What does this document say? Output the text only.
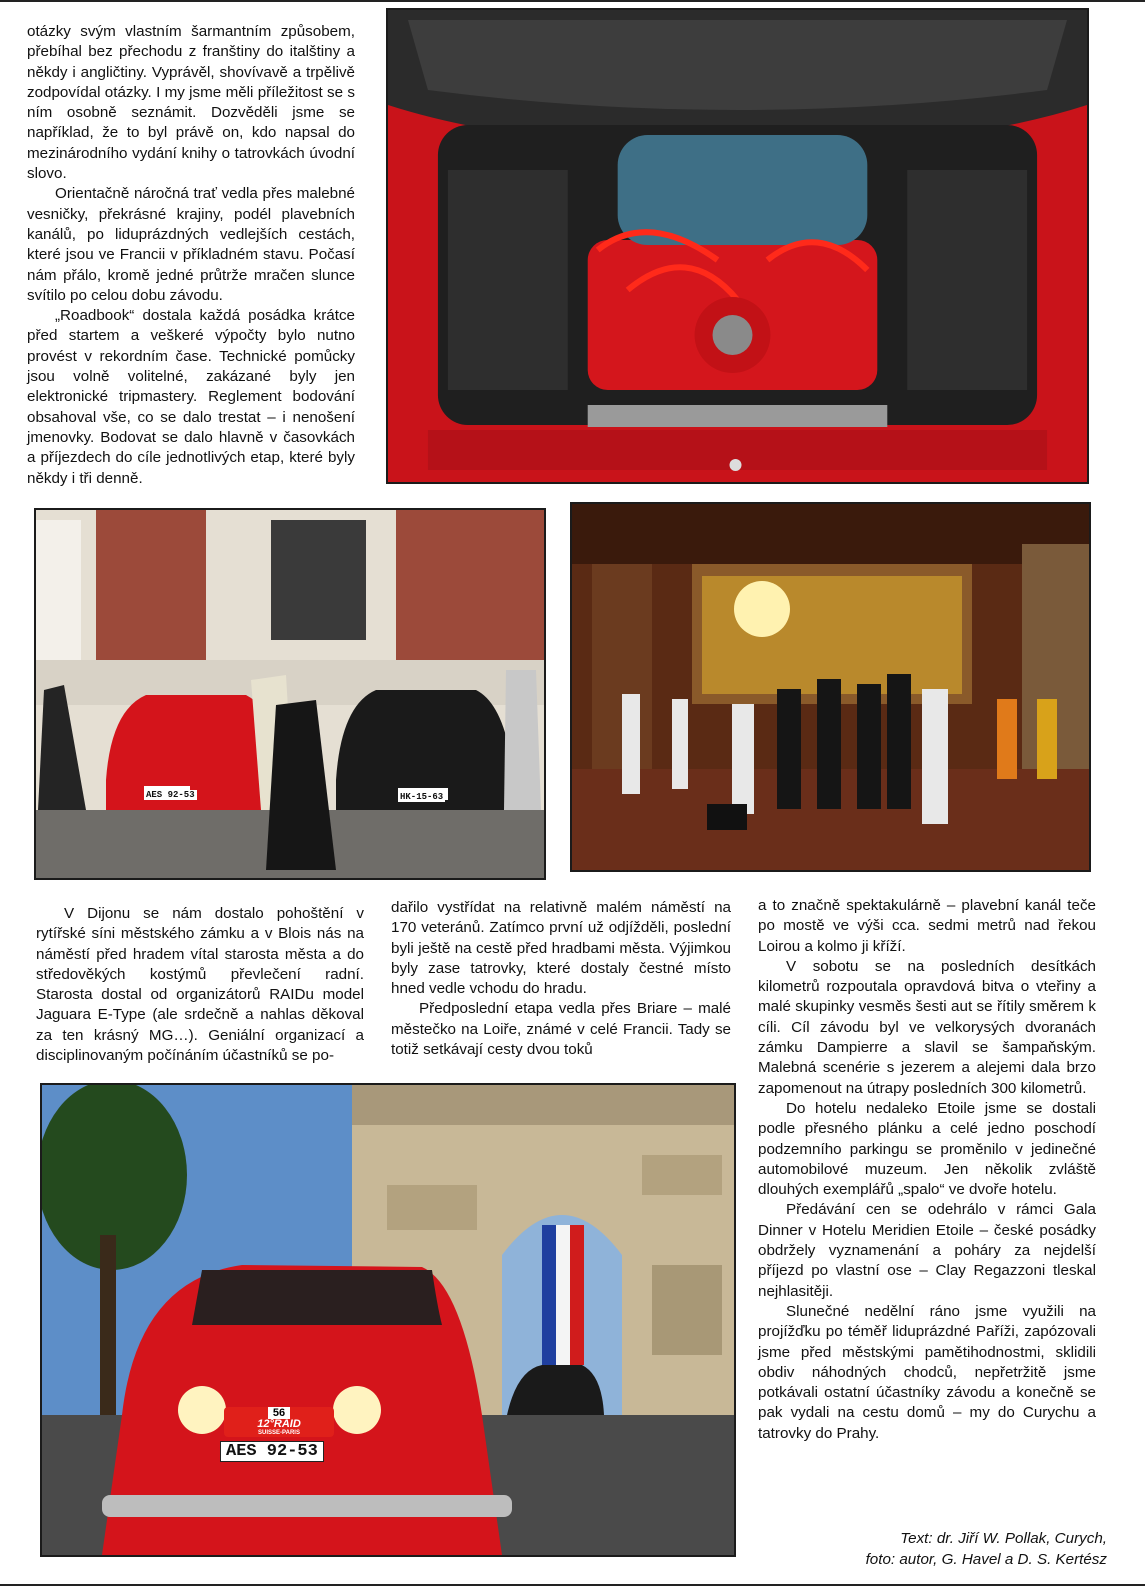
otázky svým vlastním šarmantním způsobem, přebíhal bez přechodu z franštiny do italštiny a někdy i angličtiny. Vyprávěl, shovívavě a trpělivě zodpovídal otázky. I my jsme měli příležitost se s ním osobně seznámit. Dozvěděli jsme se například, že to byl právě on, kdo napsal do mezinárodního vydání knihy o tatrovkách úvodní slovo.

Orientačně náročná trať vedla přes malebné vesničky, překrásné krajiny, podél plavebních kanálů, po liduprázdných vedlejších cestách, které jsou ve Francii v příkladném stavu. Počasí nám přálo, kromě jedné průtrže mračen slunce svítilo po celou dobu závodu.

„Roadbook“ dostala každá posádka krátce před startem a veškeré výpočty bylo nutno provést v rekordním čase. Technické pomůcky jsou volně volitelné, zakázané byly jen elektronické tripmastery. Reglement bodování obsahoval vše, co se dalo trestat – i nenošení jmenovky. Bodovat se dalo hlavně v časovkách a příjezdech do cíle jednotlivých etap, které byly někdy i tři denně.

AES 92-53	HK-15-63

V Dijonu se nám dostalo pohoštění v rytířské síni městského zámku a v Blois nás na náměstí před hradem vítal starosta města a do středověkých kostýmů převlečení radní. Starosta dostal od organizátorů RAIDu model Jaguara E-Type (ale srdečně a nahlas děkoval za ten krásný MG…). Geniální organizací a disciplinovaným počínáním účastníků se po-

dařilo vystřídat na relativně malém náměstí na 170 veteránů. Zatímco první už odjížděli, poslední byli ještě na cestě před hradbami města. Výjimkou byly zase tatrovky, které dostaly čestné místo hned vedle vchodu do hradu.

Předposlední etapa vedla přes Briare – malé městečko na Loiře, známé v celé Francii. Tady se totiž setkávají cesty dvou toků

a to značně spektakulárně – plavební kanál teče po mostě ve výši cca. sedmi metrů nad řekou Loirou a kolmo ji kříží.

V sobotu se na posledních desítkách kilometrů rozpoutala opravdová bitva o vteřiny a malé skupinky vesměs šesti aut se řítily směrem k cíli. Cíl závodu byl ve velkorysých dvoranách zámku Dampierre a slavil se šampaňským. Malebná scenérie s jezerem a alejemi dala brzo zapomenout na útrapy posledních 300 kilometrů.

Do hotelu nedaleko Etoile jsme se dostali podle přesného plánku a celé jedno poschodí podzemního parkingu se proměnilo v jedinečné automobilové muzeum. Jen několik zvláště dlouhých exemplářů „spalo“ ve dvoře hotelu.

Předávání cen se odehrálo v rámci Gala Dinner v Hotelu Meridien Etoile – české posádky obdržely vyznamenání a poháry za nejdelší příjezd po vlastní ose – Clay Regazzoni tleskal nejhlasitěji.

Slunečné nedělní ráno jsme využili na projížďku po téměř liduprázdné Paříži, zapózovali jsme před městskými pamětihodnostmi, sklidili obdiv náhodných chodců, nepřetržitě jsme potkávali ostatní účastníky závodu a konečně se pak vydali na cestu domů – my do Curychu a tatrovky do Prahy.

56
12°RAID
SUISSE-PARIS
AES 92-53
Text: dr. Jiří W. Pollak, Curych,
foto: autor, G. Havel a D. S. Kertész
